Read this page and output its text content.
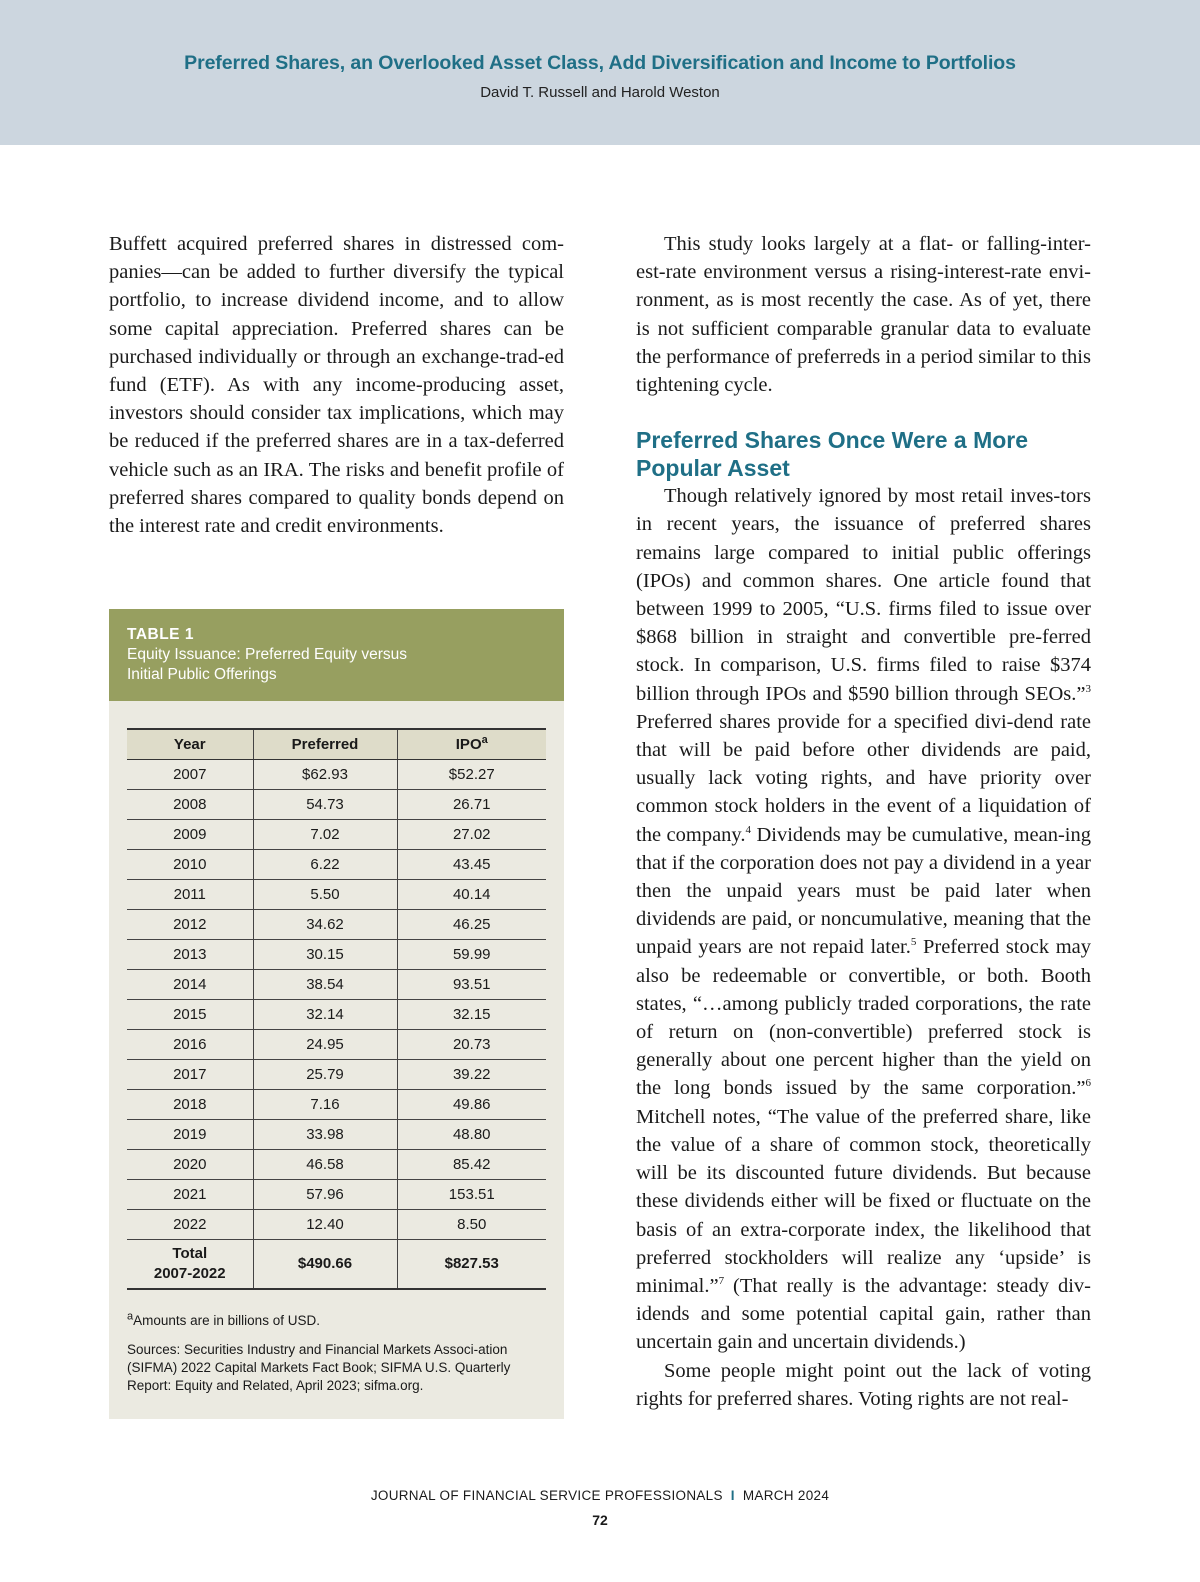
Preferred Shares, an Overlooked Asset Class, Add Diversification and Income to Portfolios
David T. Russell and Harold Weston

Buffett acquired preferred shares in distressed com-panies—can be added to further diversify the typical portfolio, to increase dividend income, and to allow some capital appreciation. Preferred shares can be purchased individually or through an exchange-trad-ed fund (ETF). As with any income-producing asset, investors should consider tax implications, which may be reduced if the preferred shares are in a tax-deferred vehicle such as an IRA. The risks and benefit profile of preferred shares compared to quality bonds depend on the interest rate and credit environments.

TABLE 1
Equity Issuance: Preferred Equity versus
Initial Public Offerings
Year	Preferred	IPO$^a$
2007	$62.93	$52.27
2008	54.73	26.71
2009	7.02	27.02
2010	6.22	43.45
2011	5.50	40.14
2012	34.62	46.25
2013	30.15	59.99
2014	38.54	93.51
2015	32.14	32.15
2016	24.95	20.73
2017	25.79	39.22
2018	7.16	49.86
2019	33.98	48.80
2020	46.58	85.42
2021	57.96	153.51
2022	12.40	8.50
Total
2007-2022	$490.66	$827.53
$^a$Amounts are in billions of USD.
Sources: Securities Industry and Financial Markets Associ-ation (SIFMA) 2022 Capital Markets Fact Book; SIFMA U.S. Quarterly Report: Equity and Related, April 2023; sifma.org.

This study looks largely at a flat- or falling-inter-est-rate environment versus a rising-interest-rate envi-ronment, as is most recently the case. As of yet, there is not sufficient comparable granular data to evaluate the performance of preferreds in a period similar to this tightening cycle.

Preferred Shares Once Were a More Popular Asset

Though relatively ignored by most retail inves-tors in recent years, the issuance of preferred shares remains large compared to initial public offerings (IPOs) and common shares. One article found that between 1999 to 2005, “U.S. firms filed to issue over $868 billion in straight and convertible pre-ferred stock. In comparison, U.S. firms filed to raise $374 billion through IPOs and $590 billion through SEOs.”$^3$ Preferred shares provide for a specified divi-dend rate that will be paid before other dividends are paid, usually lack voting rights, and have priority over common stock holders in the event of a liquidation of the company.$^4$ Dividends may be cumulative, mean-ing that if the corporation does not pay a dividend in a year then the unpaid years must be paid later when dividends are paid, or noncumulative, meaning that the unpaid years are not repaid later.$^5$ Preferred stock may also be redeemable or convertible, or both. Booth states, “…among publicly traded corporations, the rate of return on (non-convertible) preferred stock is generally about one percent higher than the yield on the long bonds issued by the same corporation.”$^6$ Mitchell notes, “The value of the preferred share, like the value of a share of common stock, theoretically will be its discounted future dividends. But because these dividends either will be fixed or fluctuate on the basis of an extra-corporate index, the likelihood that preferred stockholders will realize any ‘upside’ is minimal.”$^7$ (That really is the advantage: steady div-idends and some potential capital gain, rather than uncertain gain and uncertain dividends.)

Some people might point out the lack of voting rights for preferred shares. Voting rights are not real-

JOURNAL OF FINANCIAL SERVICE PROFESSIONALS I MARCH 2024
72
